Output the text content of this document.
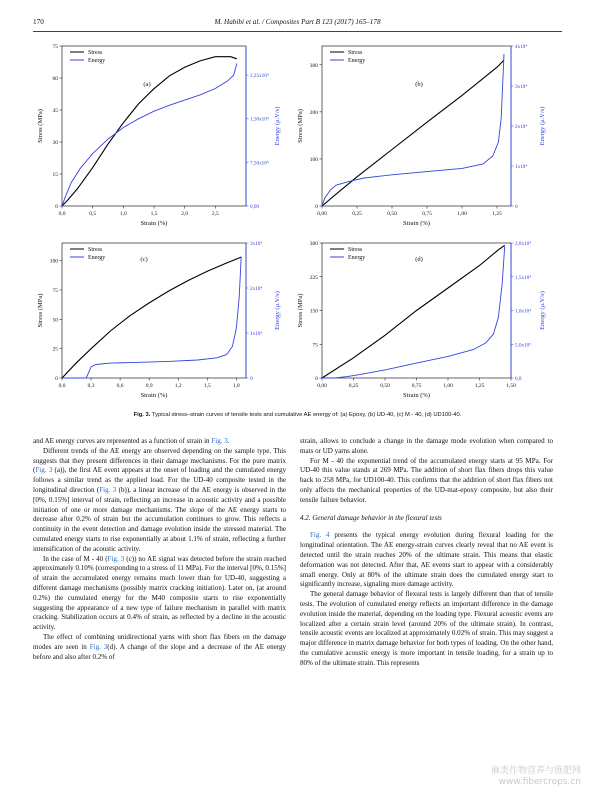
170	M. Habibi et al. / Composites Part B 123 (2017) 165–178
0,0	0,5	1,0	1,5	2,0	2,5
0
15
30
45
60
75
0,00
7,50x10³
1,50x10⁴
2,25x10⁴
Strain (%)
Stress (MPa)	Energy (μ.V/s)
(a)
Stress
Energy
0,00	0,25	0,50	0,75	1,00	1,25
0
100
200
300
0
1x10⁴
2x10⁴
3x10⁴
4x10⁴
Strain (%)
Stress (MPa)	Energy (μ.V/s)
(b)
Stress
Energy
0,0	0,3	0,6	0,9	1,2	1,5	1,8
0
25
50
75
100
0
1x10⁴
2x10⁴
3x10⁴
Strain (%)
Stress (MPa)	Energy (μ.V/s)
(c)
Stress
Energy
0,00	0,25	0,50	0,75	1,00	1,25	1,50
0
75
150
225
300
0,0
5,0x10³
1,0x10⁴
1,5x10⁴
2,0x10⁴
Strain (%)
Stress (MPa)	Energy (μ.V/s)
(d)
Stress
Energy
Fig. 3. Typical stress–strain curves of tensile tests and cumulative AE energy of: (a) Epoxy, (b) UD-40, (c) M - 40, (d) UD100-40.

and AE energy curves are represented as a function of strain in Fig. 3.

Different trends of the AE energy are observed depending on the sample type. This suggests that they present differences in their damage mechanisms. For the pure matrix (Fig. 3 (a)), the first AE event appears at the onset of loading and the cumulated energy follows a similar trend as the applied load. For the UD-40 composite tested in the longitudinal direction (Fig. 3 (b)), a linear increase of the AE energy is observed in the [0%, 0.15%] interval of strain, reflecting an increase in acoustic activity and a possible initiation of one or more damage mechanisms. The slope of the AE energy starts to decrease after 0.2% of strain but the accumulation continues to grow. This reflects a continuity in the event detection and damage evolution inside the stressed material. The cumulated energy starts to rise exponentially at about 1.1% of strain, reflecting a further intensification of the acoustic activity.

In the case of M - 40 (Fig. 3 (c)) no AE signal was detected before the strain reached approximately 0.10% (corresponding to a stress of 11 MPa). For the interval [0%, 0.15%] of strain the accumulated energy remains much lower than for UD-40, suggesting a different damage mechanisms (possibly matrix cracking initiation). Later on, (at around 0.2%) the cumulated energy for the M40 composite starts to rise exponentially suggesting the appearance of a new type of failure mechanism in parallel with matrix cracking. Stabilization occurs at 0.4% of strain, as reflected by a decline in the acoustic activity.

The effect of combining unidirectional yarns with short flax fibers on the damage modes are seen in Fig. 3(d). A change of the slope and a decrease of the AE energy before and also after 0.2% of

strain, allows to conclude a change in the damage mode evolution when compared to mats or UD yarns alone.

For M - 40 the exponential trend of the accumulated energy starts at 95 MPa. For UD-40 this value stands at 269 MPa. The addition of short flax fibers drops this value back to 258 MPa, for UD100-40. This confirms that the addition of short flax fibers not only affects the mechanical properties of the UD-mat-epoxy composite, but also their tensile failure behavior.

4.2. General damage behavior in the flexural tests

Fig. 4 presents the typical energy evolution during flexural loading for the longitudinal orientation. The AE energy-strain curves clearly reveal that no AE event is detected until the strain reaches 20% of the ultimate strain. This means that elastic deformation was not detected. After that, AE events start to appear with a considerably small energy. Only at 80% of the ultimate strain does the cumulated energy start to significantly increase, signaling more damage activity.

The general damage behavior of flexural tests is largely different than that of tensile tests. The evolution of cumulated energy reflects an important difference in the damage evolution inside the material, depending on the loading type. Flexural acoustic events are localized after a certain strain level (around 20% of the ultimate strain). In contrast, tensile acoustic events are localized at approximately 0.02% of strain. This may suggest a major difference in matrix damage behavior for both types of loading. On the other hand, the cumulative acoustic energy is more important in tensile loading, for a strain up to 80% of the ultimate strain. This represents

麻类作物营养与施肥网
www.fibercrops.cn
